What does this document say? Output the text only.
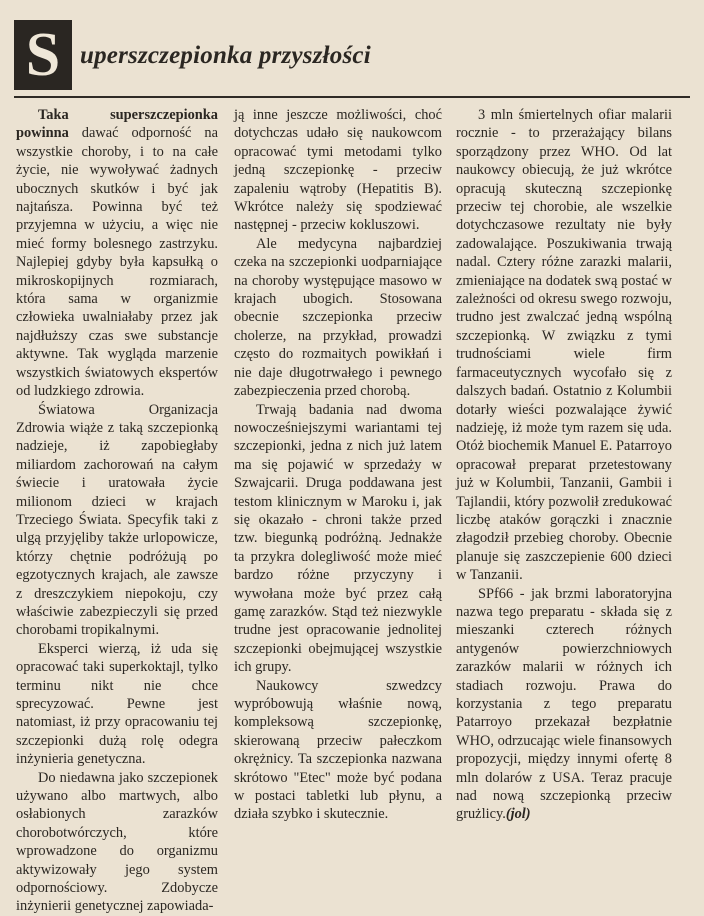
S uperszczepionka przyszłości

Taka superszczepionka powinna dawać odporność na wszystkie choroby, i to na całe życie, nie wywoływać żadnych ubocznych skutków i być jak najtańsza. Powinna być też przyjemna w użyciu, a więc nie mieć formy bolesnego zastrzyku. Najlepiej gdyby była kapsułką o mikroskopijnych rozmiarach, która sama w organizmie człowieka uwalniałaby przez jak najdłuższy czas swe substancje aktywne. Tak wygląda marzenie wszystkich światowych ekspertów od ludzkiego zdrowia.

Światowa Organizacja Zdrowia wiąże z taką szczepionką nadzieje, iż zapobiegłaby miliardom zachorowań na całym świecie i uratowała życie milionom dzieci w krajach Trzeciego Świata. Specyfik taki z ulgą przyjęliby także urlopowicze, którzy chętnie podróżują po egzotycznych krajach, ale zawsze z dreszczykiem niepokoju, czy właściwie zabezpieczyli się przed chorobami tropikalnymi.

Eksperci wierzą, iż uda się opracować taki superkoktajl, tylko terminu nikt nie chce sprecyzować. Pewne jest natomiast, iż przy opracowaniu tej szczepionki dużą rolę odegra inżynieria genetyczna.

Do niedawna jako szczepionek używano albo martwych, albo osłabionych zarazków chorobotwórczych, które wprowadzone do organizmu aktywizowały jego system odpornościowy. Zdobycze inżynierii genetycznej zapowiada-

ją inne jeszcze możliwości, choć dotychczas udało się naukowcom opracować tymi metodami tylko jedną szczepionkę - przeciw zapaleniu wątroby (Hepatitis B). Wkrótce należy się spodziewać następnej - przeciw kokluszowi.

Ale medycyna najbardziej czeka na szczepionki uodparniające na choroby występujące masowo w krajach ubogich. Stosowana obecnie szczepionka przeciw cholerze, na przykład, prowadzi często do rozmaitych powikłań i nie daje długotrwałego i pewnego zabezpieczenia przed chorobą.

Trwają badania nad dwoma nowocześniejszymi wariantami tej szczepionki, jedna z nich już latem ma się pojawić w sprzedaży w Szwajcarii. Druga poddawana jest testom klinicznym w Maroku i, jak się okazało - chroni także przed tzw. biegunką podróżną. Jednakże ta przykra dolegliwość może mieć bardzo różne przyczyny i wywołana może być przez całą gamę zarazków. Stąd też niezwykle trudne jest opracowanie jednolitej szczepionki obejmującej wszystkie ich grupy.

Naukowcy szwedzcy wypróbowują właśnie nową, kompleksową szczepionkę, skierowaną przeciw pałeczkom okrężnicy. Ta szczepionka nazwana skrótowo "Etec" może być podana w postaci tabletki lub płynu, a działa szybko i skutecznie.

3 mln śmiertelnych ofiar malarii rocznie - to przerażający bilans sporządzony przez WHO. Od lat naukowcy obiecują, że już wkrótce opracują skuteczną szczepionkę przeciw tej chorobie, ale wszelkie dotychczasowe rezultaty nie były zadowalające. Poszukiwania trwają nadal. Cztery różne zarazki malarii, zmieniające na dodatek swą postać w zależności od okresu swego rozwoju, trudno jest zwalczać jedną wspólną szczepionką. W związku z tymi trudnościami wiele firm farmaceutycznych wycofało się z dalszych badań. Ostatnio z Kolumbii dotarły wieści pozwalające żywić nadzieję, iż może tym razem się uda. Otóż biochemik Manuel E. Patarroyo opracował preparat przetestowany już w Kolumbii, Tanzanii, Gambii i Tajlandii, który pozwolił zredukować liczbę ataków gorączki i znacznie złagodził przebieg choroby. Obecnie planuje się zaszczepienie 600 dzieci w Tanzanii.

SPf66 - jak brzmi laboratoryjna nazwa tego preparatu - składa się z mieszanki czterech różnych antygenów powierzchniowych zarazków malarii w różnych ich stadiach rozwoju. Prawa do korzystania z tego preparatu Patarroyo przekazał bezpłatnie WHO, odrzucając wiele finansowych propozycji, między innymi ofertę 8 mln dolarów z USA. Teraz pracuje nad nową szczepionką przeciw grużlicy.(jol)
